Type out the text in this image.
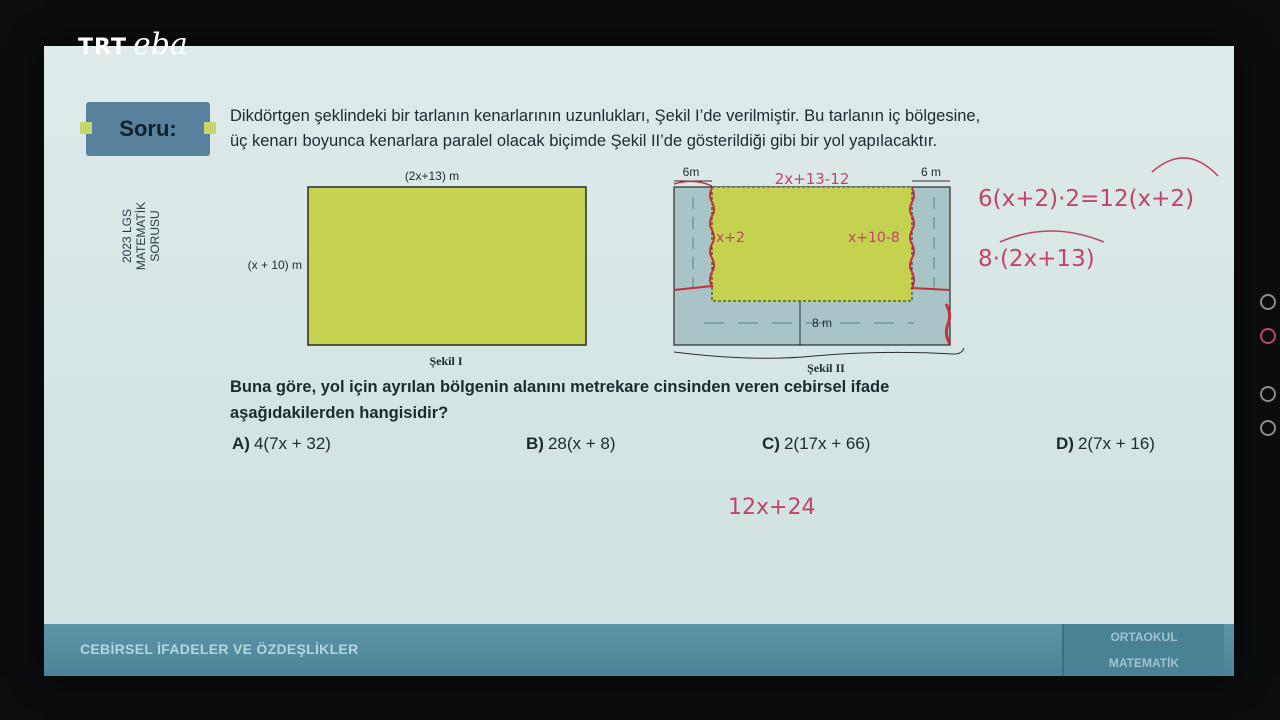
TRT eba
Soru:
2023 LGS MATEMATİK SORUSU

Dikdörtgen şeklindeki bir tarlanın kenarlarının uzunlukları, Şekil I’de verilmiştir. Bu tarlanın iç bölgesine,

üç kenarı boyunca kenarlara paralel olacak biçimde Şekil II’de gösterildiği gibi bir yol yapılacaktır.

(2x+13) m
(x + 10) m
Şekil I
6m	6 m
8 m
Şekil II
2x+13-12
x+2	x+10-8
6(x+2)·2=12(x+2)
8·(2x+13)
12x+24

Buna göre, yol için ayrılan bölgenin alanını metrekare cinsinden veren cebirsel ifade

aşağıdakilerden hangisidir?

A) 4(7x + 32)	B) 28(x + 8)	C) 2(17x + 66)	D) 2(7x + 16)
CEBİRSEL İFADELER VE ÖZDEŞLİKLER
ORTAOKUL
MATEMATİK
